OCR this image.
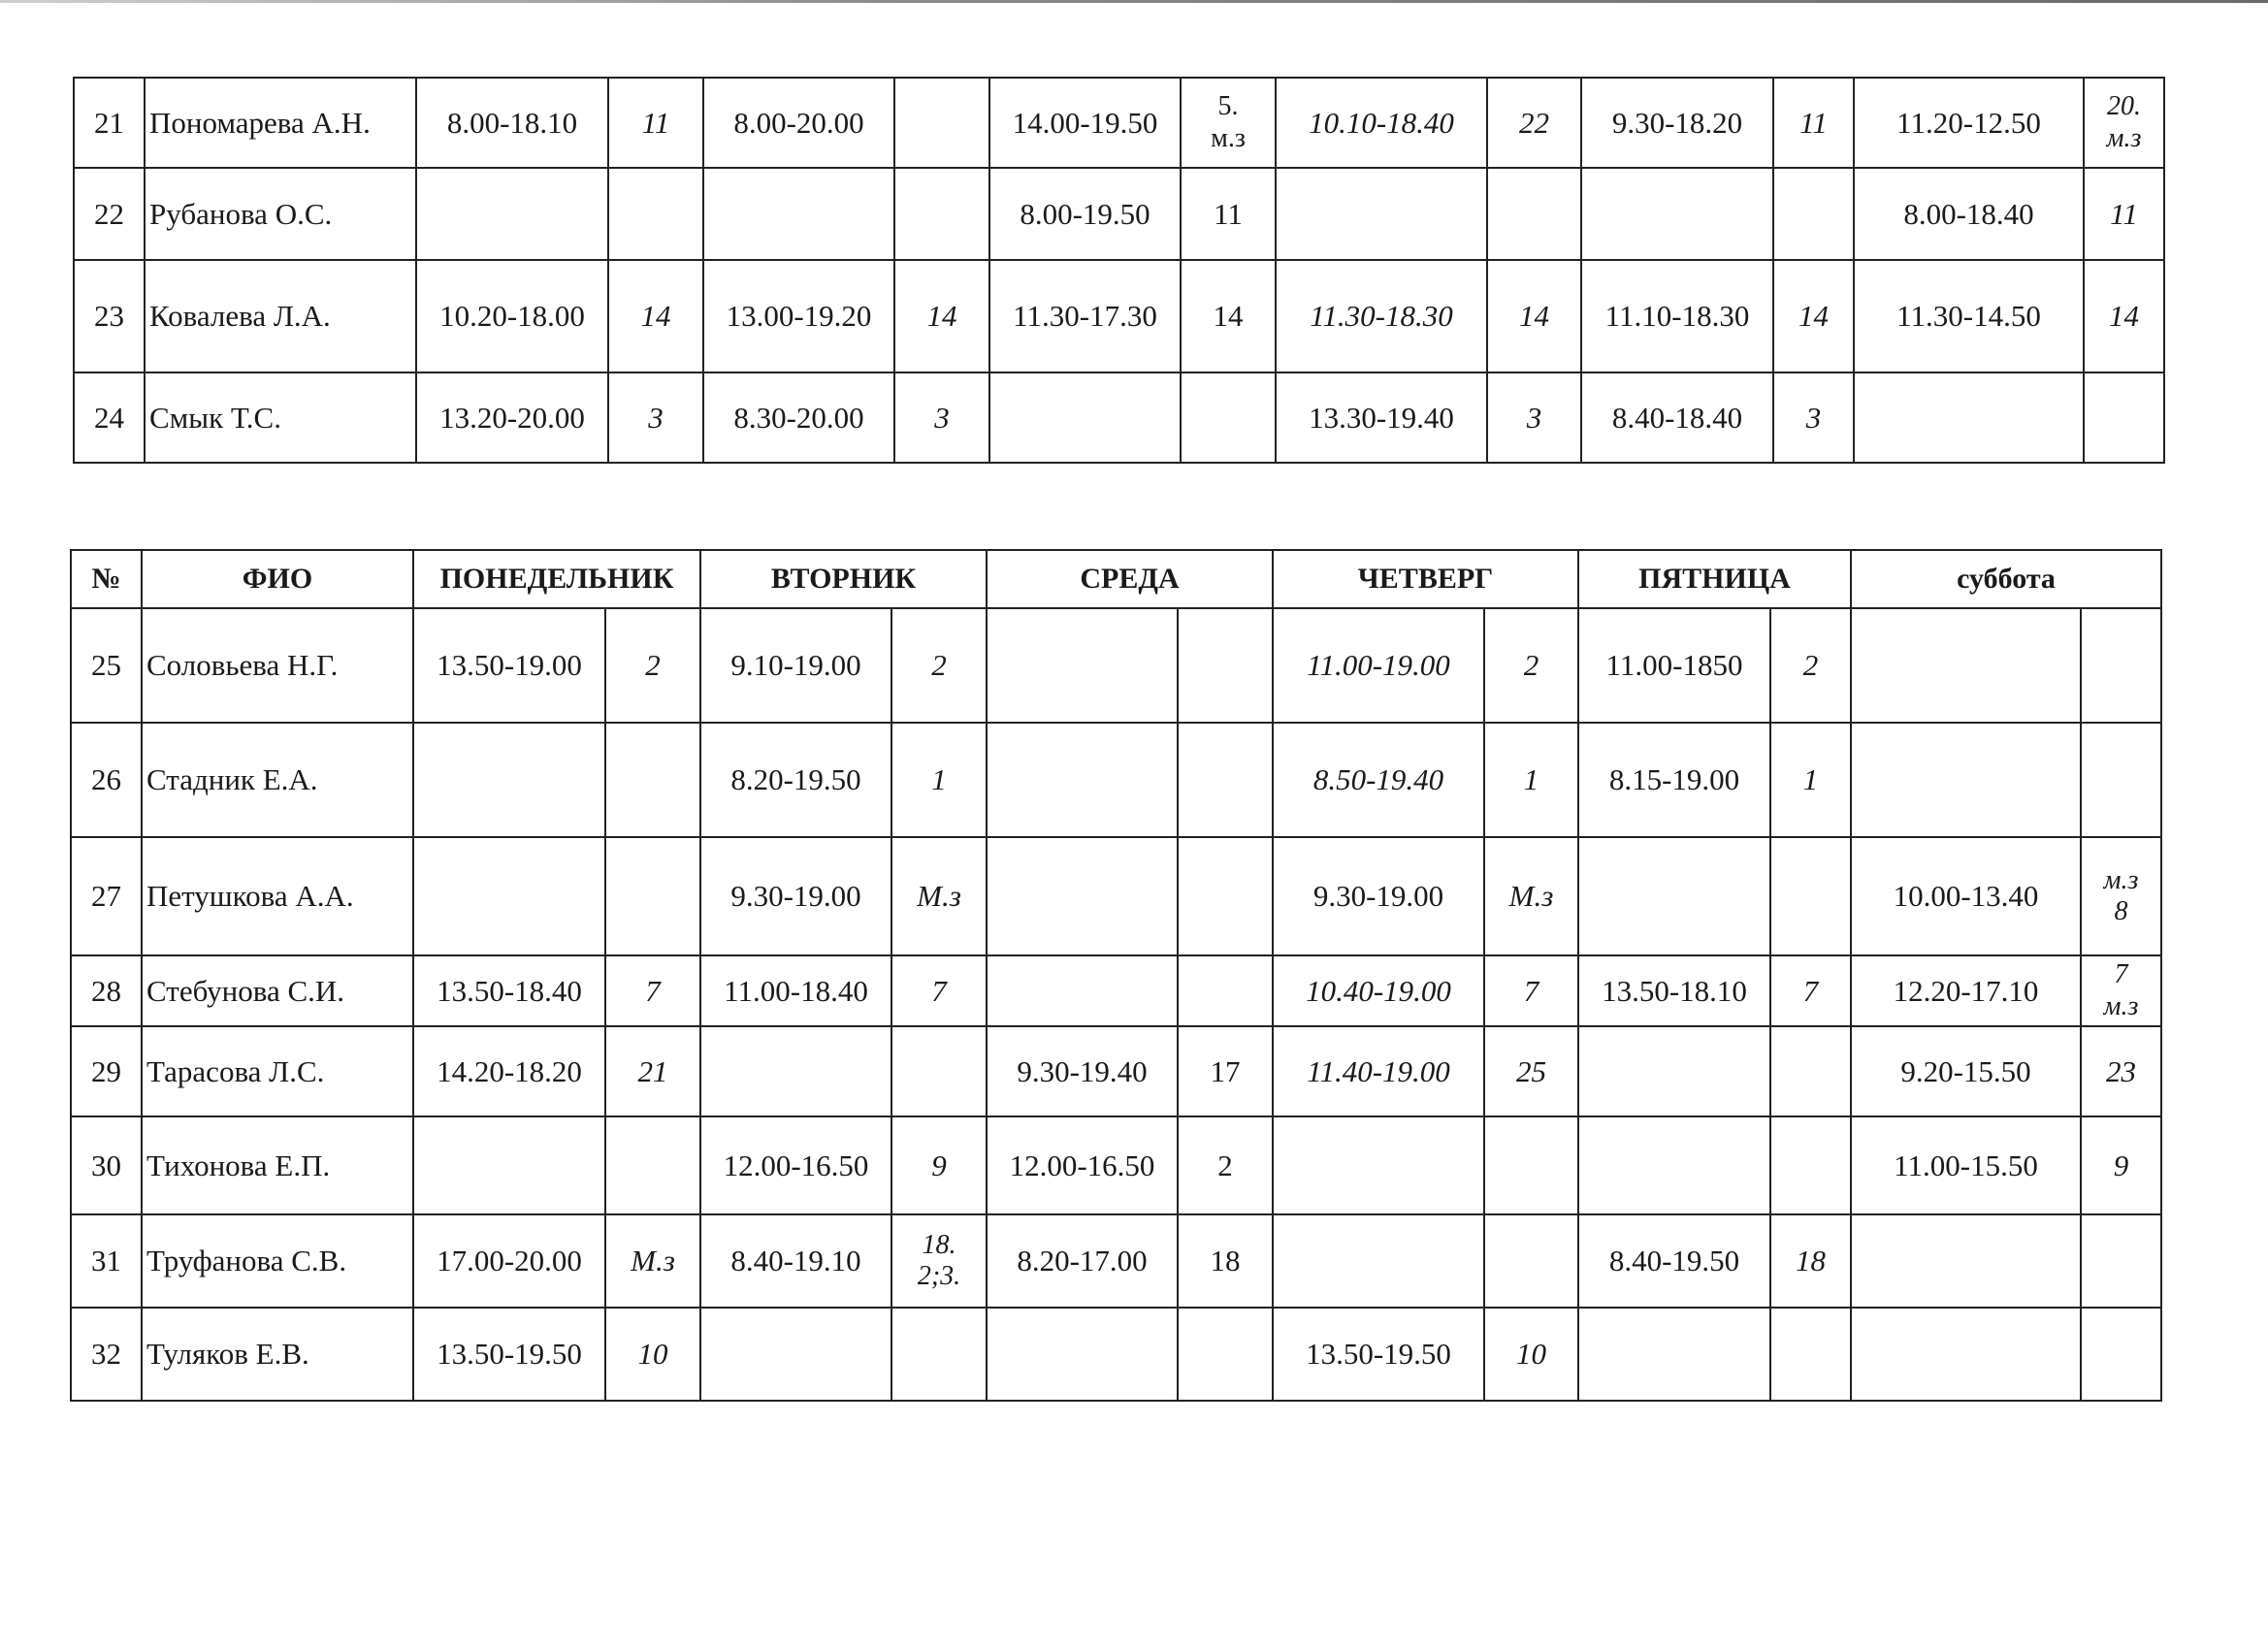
21	Пономарева А.Н.	8.00-18.10	11	8.00-20.00		14.00-19.50	5.
м.з	10.10-18.40	22	9.30-18.20	11	11.20-12.50	20.
м.з
22	Рубанова О.С.					8.00-19.50	11					8.00-18.40	11
23	Ковалева Л.А.	10.20-18.00	14	13.00-19.20	14	11.30-17.30	14	11.30-18.30	14	11.10-18.30	14	11.30-14.50	14
24	Смык Т.С.	13.20-20.00	3	8.30-20.00	3			13.30-19.40	3	8.40-18.40	3		
№	ФИО	ПОНЕДЕЛЬНИК		ВТОРНИК		СРЕДА		ЧЕТВЕРГ		ПЯТНИЦА		суббота	
25	Соловьева Н.Г.	13.50-19.00	2	9.10-19.00	2			11.00-19.00	2	11.00-1850	2		
26	Стадник Е.А.			8.20-19.50	1			8.50-19.40	1	8.15-19.00	1		
27	Петушкова А.А.			9.30-19.00	М.з			9.30-19.00	М.з			10.00-13.40	м.з
8
28	Стебунова С.И.	13.50-18.40	7	11.00-18.40	7			10.40-19.00	7	13.50-18.10	7	12.20-17.10	7
м.з
29	Тарасова Л.С.	14.20-18.20	21			9.30-19.40	17	11.40-19.00	25			9.20-15.50	23
30	Тихонова Е.П.			12.00-16.50	9	12.00-16.50	2					11.00-15.50	9
31	Труфанова С.В.	17.00-20.00	М.з	8.40-19.10	18.
2;3.	8.20-17.00	18			8.40-19.50	18		
32	Туляков Е.В.	13.50-19.50	10					13.50-19.50	10				
